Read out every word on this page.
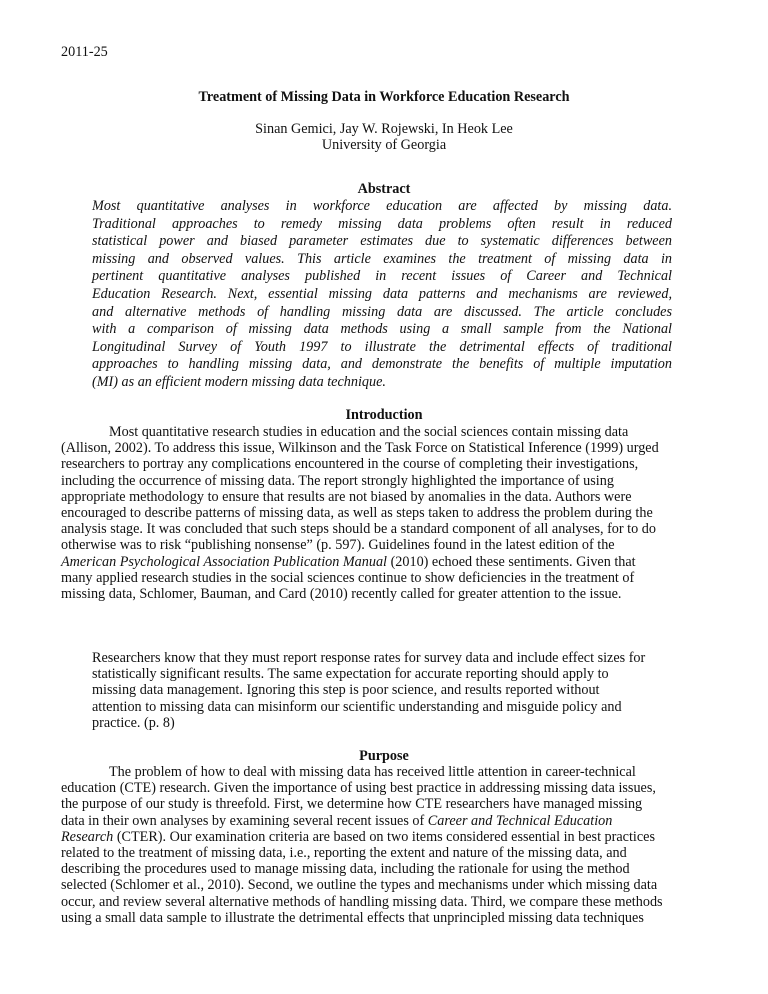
2011-25
Treatment of Missing Data in Workforce Education Research
Sinan Gemici, Jay W. Rojewski, In Heok Lee
University of Georgia
Abstract
Most quantitative analyses in workforce education are affected by missing data.
Traditional approaches to remedy missing data problems often result in reduced
statistical power and biased parameter estimates due to systematic differences between
missing and observed values. This article examines the treatment of missing data in
pertinent quantitative analyses published in recent issues of Career and Technical
Education Research. Next, essential missing data patterns and mechanisms are reviewed,
and alternative methods of handling missing data are discussed. The article concludes
with a comparison of missing data methods using a small sample from the National
Longitudinal Survey of Youth 1997 to illustrate the detrimental effects of traditional
approaches to handling missing data, and demonstrate the benefits of multiple imputation
(MI) as an efficient modern missing data technique.
Introduction
Most quantitative research studies in education and the social sciences contain missing data
(Allison, 2002). To address this issue, Wilkinson and the Task Force on Statistical Inference (1999) urged
researchers to portray any complications encountered in the course of completing their investigations,
including the occurrence of missing data. The report strongly highlighted the importance of using
appropriate methodology to ensure that results are not biased by anomalies in the data. Authors were
encouraged to describe patterns of missing data, as well as steps taken to address the problem during the
analysis stage. It was concluded that such steps should be a standard component of all analyses, for to do
otherwise was to risk “publishing nonsense” (p. 597). Guidelines found in the latest edition of the
American Psychological Association Publication Manual (2010) echoed these sentiments. Given that
many applied research studies in the social sciences continue to show deficiencies in the treatment of
missing data, Schlomer, Bauman, and Card (2010) recently called for greater attention to the issue.
Researchers know that they must report response rates for survey data and include effect sizes for
statistically significant results. The same expectation for accurate reporting should apply to
missing data management. Ignoring this step is poor science, and results reported without
attention to missing data can misinform our scientific understanding and misguide policy and
practice. (p. 8)
Purpose
The problem of how to deal with missing data has received little attention in career-technical
education (CTE) research. Given the importance of using best practice in addressing missing data issues,
the purpose of our study is threefold. First, we determine how CTE researchers have managed missing
data in their own analyses by examining several recent issues of Career and Technical Education
Research (CTER). Our examination criteria are based on two items considered essential in best practices
related to the treatment of missing data, i.e., reporting the extent and nature of the missing data, and
describing the procedures used to manage missing data, including the rationale for using the method
selected (Schlomer et al., 2010). Second, we outline the types and mechanisms under which missing data
occur, and review several alternative methods of handling missing data. Third, we compare these methods
using a small data sample to illustrate the detrimental effects that unprincipled missing data techniques
